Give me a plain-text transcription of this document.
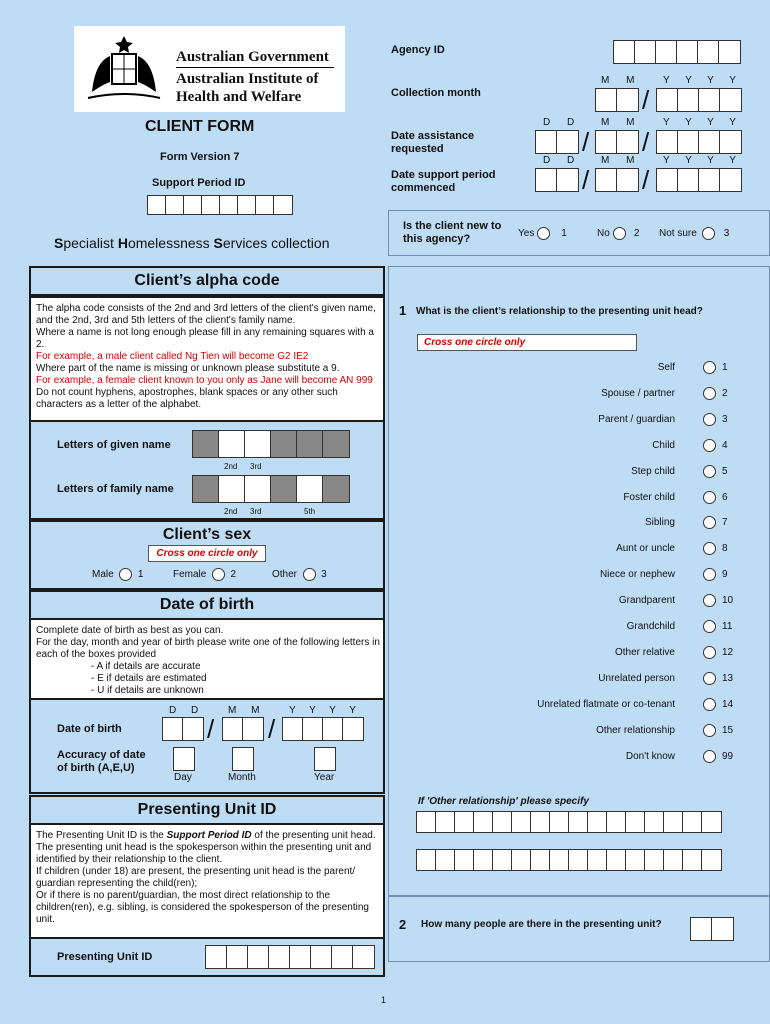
Australian Government
Australian Institute of
Health and Welfare
CLIENT FORM
Form Version 7
Support Period ID
Specialist Homelessness Services collection
Agency ID
M M	Y Y Y Y
Collection month	/
D D	M M	Y Y Y Y
Date assistance requested	/ /
D D	M M	Y Y Y Y
Date support period commenced	/ /
Is the client new to this agency?	Yes	1	No 2 Not sure	3
Client’s alpha code
The alpha code consists of the 2nd and 3rd letters of the client's given name, and the 2nd, 3rd and 5th letters of the client's family name.
Where a name is not long enough please fill in any remaining squares with a 2.
For example, a male client called Ng Tien will become G2 IE2
Where part of the name is missing or unknown please substitute a 9.
For example, a female client known to you only as Jane will become AN 999
Do not count hyphens, apostrophes, blank spaces or any other such characters as a letter of the alphabet.
Letters of given name
2nd 3rd
Letters of family name
2nd 3rd	5th
Client’s sex
Cross one circle only
Male 1	Female 2	Other 3
Date of birth
Complete date of birth as best as you can.
For the day, month and year of birth please write one of the following letters in each of the boxes provided
- A if details are accurate
- E if details are estimated
- U if details are unknown
D D	M M	Y Y Y Y
Date of birth	/ /
Accuracy of date of birth (A,E,U)
Day	Month	Year
Presenting Unit ID
The Presenting Unit ID is the Support Period ID of the presenting unit head.
The presenting unit head is the spokesperson within the presenting unit and identified by their relationship to the client.
If children (under 18) are present, the presenting unit head is the parent/ guardian representing the child(ren);
Or if there is no parent/guardian, the most direct relationship to the children(ren), e.g. sibling, is considered the spokesperson of the presenting unit.
Presenting Unit ID
1 What is the client’s relationship to the presenting unit head?
Cross one circle only
Self	1
Spouse / partner	2
Parent / guardian	3
Child	4
Step child	5
Foster child	6
Sibling	7
Aunt or uncle	8
Niece or nephew	9
Grandparent	10
Grandchild	11
Other relative	12
Unrelated person	13
Unrelated flatmate or co-tenant	14
Other relationship	15
Don't know	99
If 'Other relationship' please specify
2 How many people are there in the presenting unit?
1
